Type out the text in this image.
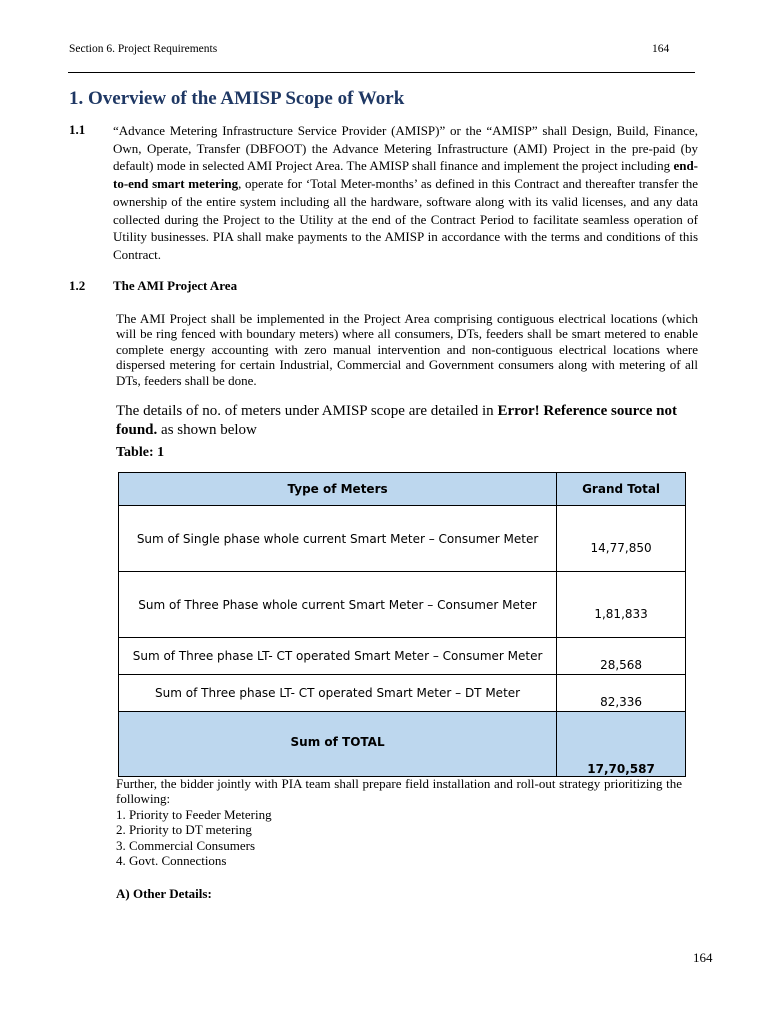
Section 6. Project Requirements	164
1. Overview of the AMISP Scope of Work
1.1 “Advance Metering Infrastructure Service Provider (AMISP)” or the “AMISP” shall Design, Build, Finance, Own, Operate, Transfer (DBFOOT) the Advance Metering Infrastructure (AMI) Project in the pre-paid (by default) mode in selected AMI Project Area. The AMISP shall finance and implement the project including end-to-end smart metering, operate for ‘Total Meter-months’ as defined in this Contract and thereafter transfer the ownership of the entire system including all the hardware, software along with its valid licenses, and any data collected during the Project to the Utility at the end of the Contract Period to facilitate seamless operation of Utility businesses. PIA shall make payments to the AMISP in accordance with the terms and conditions of this Contract.
1.2 The AMI Project Area
The AMI Project shall be implemented in the Project Area comprising contiguous electrical locations (which will be ring fenced with boundary meters) where all consumers, DTs, feeders shall be smart metered to enable complete energy accounting with zero manual intervention and non-contiguous electrical locations where dispersed metering for certain Industrial, Commercial and Government consumers along with metering of all DTs, feeders shall be done.
The details of no. of meters under AMISP scope are detailed in Error! Reference source not found. as shown below
Table: 1
Type of Meters	Grand Total

Sum of Single phase whole current Smart Meter – Consumer Meter	14,77,850

Sum of Three Phase whole current Smart Meter – Consumer Meter	1,81,833

Sum of Three phase LT- CT operated Smart Meter – Consumer Meter	28,568

Sum of Three phase LT- CT operated Smart Meter – DT Meter	82,336

Sum of TOTAL	17,70,587
Further, the bidder jointly with PIA team shall prepare field installation and roll-out strategy prioritizing the following:
1. Priority to Feeder Metering
2. Priority to DT metering
3. Commercial Consumers
4. Govt. Connections
A) Other Details:
164
